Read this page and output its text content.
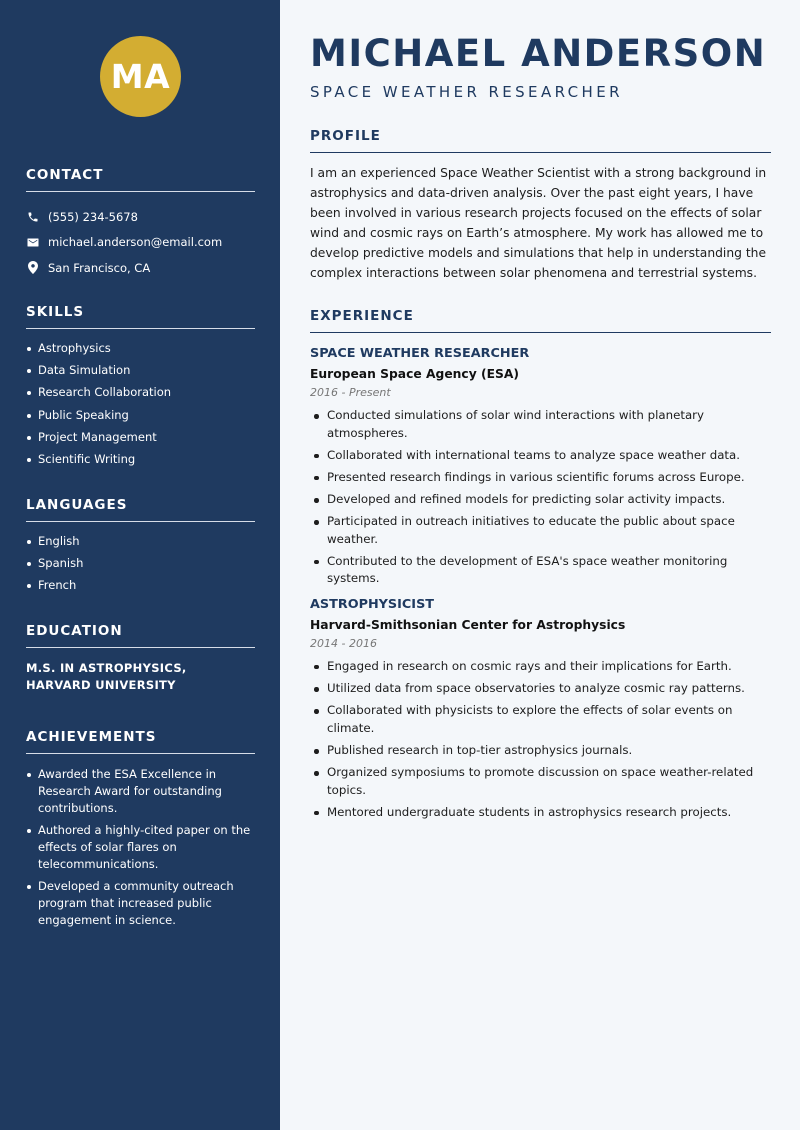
MA
CONTACT
(555) 234-5678
michael.anderson@email.com
San Francisco, CA
SKILLS
Astrophysics
Data Simulation
Research Collaboration
Public Speaking
Project Management
Scientific Writing
LANGUAGES
English
Spanish
French
EDUCATION
M.S. IN ASTROPHYSICS, HARVARD UNIVERSITY
ACHIEVEMENTS
Awarded the ESA Excellence in Research Award for outstanding contributions.
Authored a highly-cited paper on the effects of solar flares on telecommunications.
Developed a community outreach program that increased public engagement in science.
MICHAEL ANDERSON
SPACE WEATHER RESEARCHER
PROFILE

I am an experienced Space Weather Scientist with a strong background in astrophysics and data-driven analysis. Over the past eight years, I have been involved in various research projects focused on the effects of solar wind and cosmic rays on Earth’s atmosphere. My work has allowed me to develop predictive models and simulations that help in understanding the complex interactions between solar phenomena and terrestrial systems.

EXPERIENCE
SPACE WEATHER RESEARCHER
European Space Agency (ESA)
2016 - Present
Conducted simulations of solar wind interactions with planetary atmospheres.
Collaborated with international teams to analyze space weather data.
Presented research findings in various scientific forums across Europe.
Developed and refined models for predicting solar activity impacts.
Participated in outreach initiatives to educate the public about space weather.
Contributed to the development of ESA's space weather monitoring systems.
ASTROPHYSICIST
Harvard-Smithsonian Center for Astrophysics
2014 - 2016
Engaged in research on cosmic rays and their implications for Earth.
Utilized data from space observatories to analyze cosmic ray patterns.
Collaborated with physicists to explore the effects of solar events on climate.
Published research in top-tier astrophysics journals.
Organized symposiums to promote discussion on space weather-related topics.
Mentored undergraduate students in astrophysics research projects.
